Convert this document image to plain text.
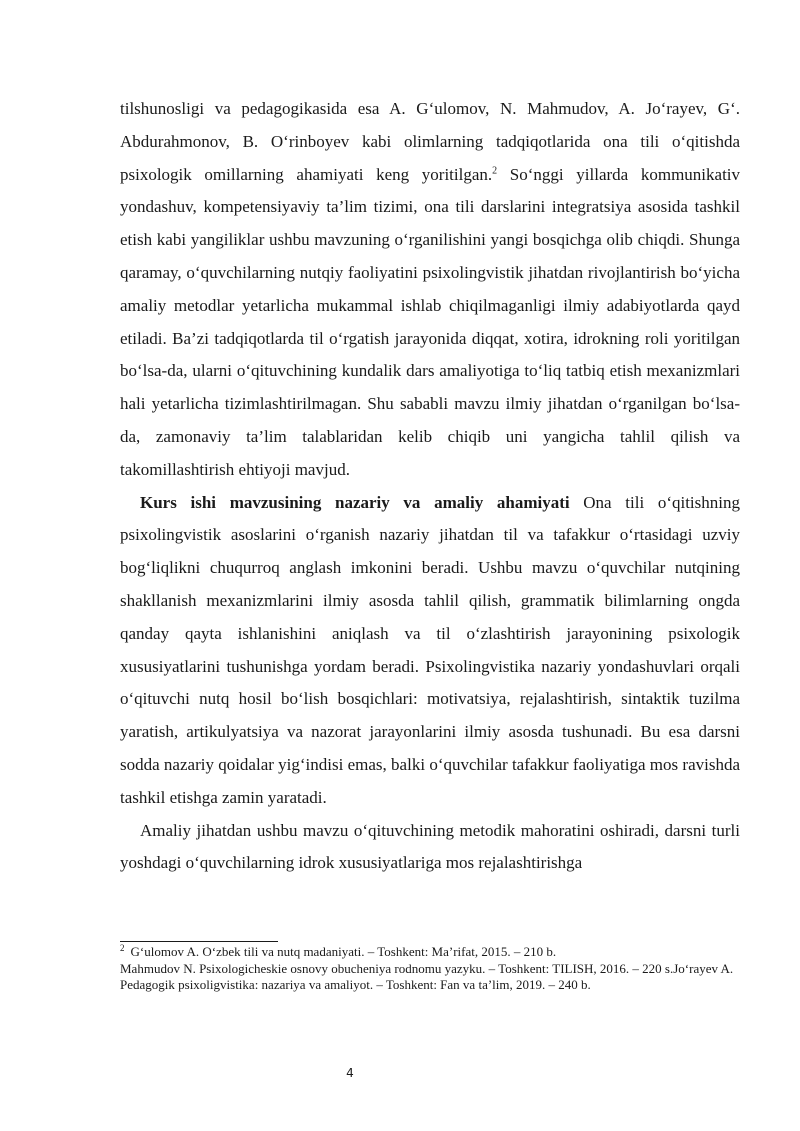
tilshunosligi va pedagogikasida esa A. G‘ulomov, N. Mahmudov, A. Jo‘rayev, G‘. Abdurahmonov, B. O‘rinboyev kabi olimlarning tadqiqotlarida ona tili o‘qitishda psixologik omillarning ahamiyati keng yoritilgan.$^2$ So‘nggi yillarda kommunikativ yondashuv, kompetensiyaviy ta’lim tizimi, ona tili darslarini integratsiya asosida tashkil etish kabi yangiliklar ushbu mavzuning o‘rganilishini yangi bosqichga olib chiqdi. Shunga qaramay, o‘quvchilarning nutqiy faoliyatini psixolingvistik jihatdan rivojlantirish bo‘yicha amaliy metodlar yetarlicha mukammal ishlab chiqilmaganligi ilmiy adabiyotlarda qayd etiladi. Ba’zi tadqiqotlarda til o‘rgatish jarayonida diqqat, xotira, idrokning roli yoritilgan bo‘lsa-da, ularni o‘qituvchining kundalik dars amaliyotiga to‘liq tatbiq etish mexanizmlari hali yetarlicha tizimlashtirilmagan. Shu sababli mavzu ilmiy jihatdan o‘rganilgan bo‘lsa-da, zamonaviy ta’lim talablaridan kelib chiqib uni yangicha tahlil qilish va takomillashtirish ehtiyoji mavjud.

Kurs ishi mavzusining nazariy va amaliy ahamiyati Ona tili o‘qitishning psixolingvistik asoslarini o‘rganish nazariy jihatdan til va tafakkur o‘rtasidagi uzviy bog‘liqlikni chuqurroq anglash imkonini beradi. Ushbu mavzu o‘quvchilar nutqining shakllanish mexanizmlarini ilmiy asosda tahlil qilish, grammatik bilimlarning ongda qanday qayta ishlanishini aniqlash va til o‘zlashtirish jarayonining psixologik xususiyatlarini tushunishga yordam beradi. Psixolingvistika nazariy yondashuvlari orqali o‘qituvchi nutq hosil bo‘lish bosqichlari: motivatsiya, rejalashtirish, sintaktik tuzilma yaratish, artikulyatsiya va nazorat jarayonlarini ilmiy asosda tushunadi. Bu esa darsni sodda nazariy qoidalar yig‘indisi emas, balki o‘quvchilar tafakkur faoliyatiga mos ravishda tashkil etishga zamin yaratadi.

Amaliy jihatdan ushbu mavzu o‘qituvchining metodik mahoratini oshiradi, darsni turli yoshdagi o‘quvchilarning idrok xususiyatlariga mos rejalashtirishga

$^2$ G‘ulomov A. O‘zbek tili va nutq madaniyati. – Toshkent: Ma’rifat, 2015. – 210 b.

Mahmudov N. Psixologicheskie osnovy obucheniya rodnomu yazyku. – Toshkent: TILISH, 2016. – 220 s.Jo‘rayev A. Pedagogik psixoligvistika: nazariya va amaliyot. – Toshkent: Fan va ta’lim, 2019. – 240 b.

4
